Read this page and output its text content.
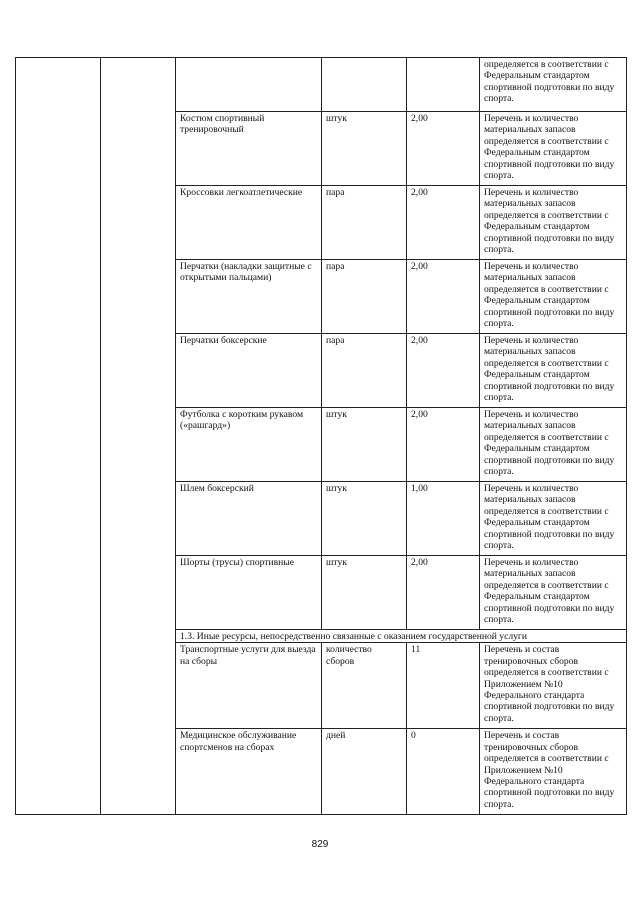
					определяется в соответствии с Федеральным стандартом спортивной подготовки по виду спорта.
		Костюм спортивный тренировочный	штук	2,00	Перечень и количество материальных запасов определяется в соответствии с Федеральным стандартом спортивной подготовки по виду спорта.
		Кроссовки легкоатлетические	пара	2,00	Перечень и количество материальных запасов определяется в соответствии с Федеральным стандартом спортивной подготовки по виду спорта.
		Перчатки (накладки защитные с открытыми пальцами)	пара	2,00	Перечень и количество материальных запасов определяется в соответствии с Федеральным стандартом спортивной подготовки по виду спорта.
		Перчатки боксерские	пара	2,00	Перечень и количество материальных запасов определяется в соответствии с Федеральным стандартом спортивной подготовки по виду спорта.
		Футболка с коротким рукавом («рашгард»)	штук	2,00	Перечень и количество материальных запасов определяется в соответствии с Федеральным стандартом спортивной подготовки по виду спорта.
		Шлем боксерский	штук	1,00	Перечень и количество материальных запасов определяется в соответствии с Федеральным стандартом спортивной подготовки по виду спорта.
		Шорты (трусы) спортивные	штук	2,00	Перечень и количество материальных запасов определяется в соответствии с Федеральным стандартом спортивной подготовки по виду спорта.
		1.3. Иные ресурсы, непосредственно связанные с оказанием государственной услуги			
		Транспортные услуги для выезда на сборы	количество сборов	11	Перечень и состав тренировочных сборов определяется в соответствии с Приложением №10 Федерального стандарта спортивной подготовки по виду спорта.
		Медицинское обслуживание спортсменов на сборах	дней	0	Перечень и состав тренировочных сборов определяется в соответствии с Приложением №10 Федерального стандарта спортивной подготовки по виду спорта.
829
